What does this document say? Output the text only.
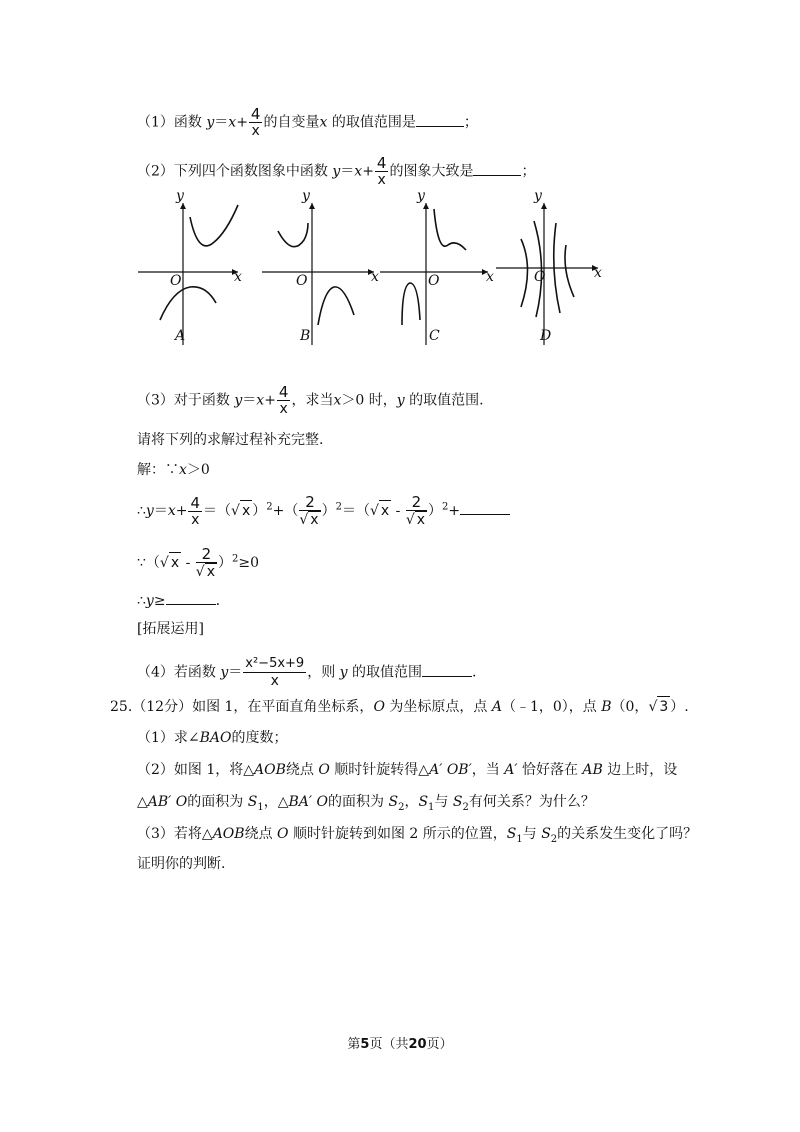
（1）函数 $y=x+ \frac{4}{x}$ 的自变量x 的取值范围是	；
（2）下列四个函数图象中函数 $y=x+ \frac{4}{x}$ 的图象大致是	；
y
x
O
A
y
x
O
B
y
x
O
C
y
x
O
D
（3）对于函数 $y=x+ \frac{4}{x}$ ，求当x＞0 时，y 的取值范围.
请将下列的求解过程补充完整.
解：∵x＞0
∴y＝x+ $\frac{4}{x}$ ＝（√ x ）$^2+( \frac{2}{√ x} )^2=(√$ $x - \frac{2}{√ x} )^2+$
∵（√ $x - \frac{2}{√ x} )^2\ge 0$
∴y≥	.
[拓展运用]
（4）若函数 $y= \frac{\text{x²−5x+9}}{x}$ ，则 y 的取值范围	.
25.（12分）如图 1，在平面直角坐标系，O 为坐标原点，点 A（﹣1，0），点 B（0，√ 3 ）.
（1）求∠BAO的度数；
（2）如图 1，将△AOB绕点 O 顺时针旋转得△A′ OB′，当 A′ 恰好落在 AB 边上时，设
△AB′ O的面积为 $S_1$，△BA′ O的面积为 $S_2$，$S_1$与 $S_2$有何关系？为什么？
（3）若将△AOB绕点 O 顺时针旋转到如图 2 所示的位置，$S_1$与 $S_2$的关系发生变化了吗？
证明你的判断.
第5页（共20页）
